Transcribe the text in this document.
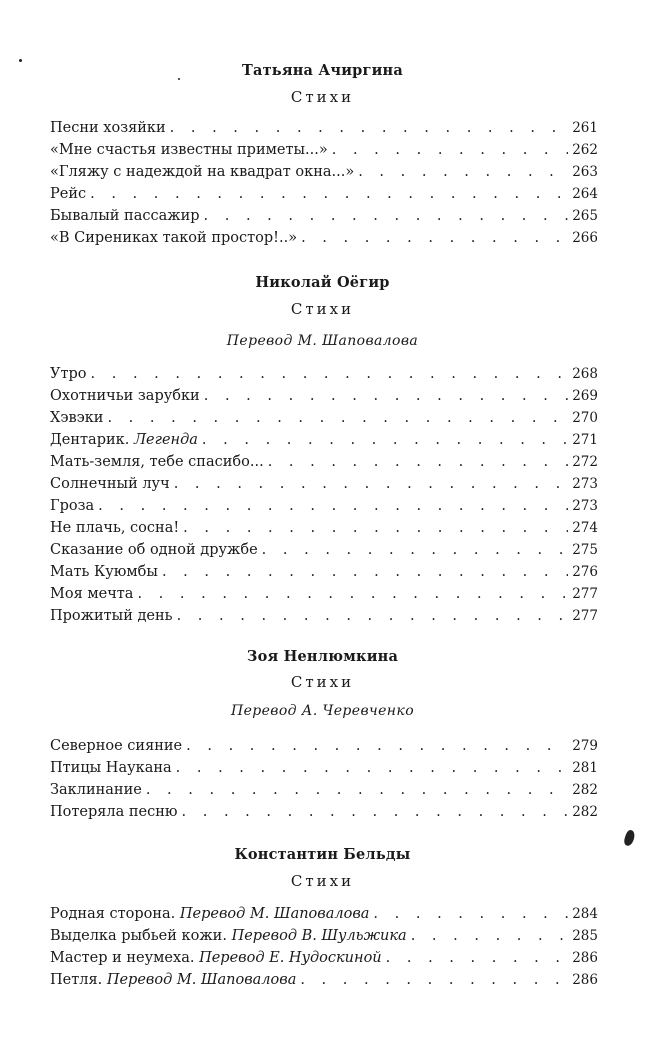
Татьяна Ачиргина
Стихи
Песни хозяйки . . .	261
«Мне счастья известны приметы...» . . .	262
«Гляжу с надеждой на квадрат окна...» . . .	263
Рейс . . .	264
Бывалый пассажир . . .	265
«В Сирениках такой простор!..» . . .	266
Николай Оёгир
Стихи
Перевод М. Шаповалова
Утро . . .	268
Охотничьи зарубки . . .	269
Хэвэки . . .	270
Дентарик. Легенда . . .	271
Мать-земля, тебе спасибо... . . .	272
Солнечный луч . . .	273
Гроза . . .	273
Не плачь, сосна! . . .	274
Сказание об одной дружбе . . .	275
Мать Куюмбы . . .	276
Моя мечта . . .	277
Прожитый день . . .	277
Зоя Ненлюмкина
Стихи
Перевод А. Черевченко
Северное сияние . . .	279
Птицы Наукана . . .	281
Заклинание . . .	282
Потеряла песню . . .	282
Константин Бельды
Стихи
Родная сторона. Перевод М. Шаповалова . . .	284
Выделка рыбьей кожи. Перевод В. Шульжика . . .	285
Мастер и неумеха. Перевод Е. Нудоскиной . . .	286
Петля. Перевод М. Шаповалова . . .	286
